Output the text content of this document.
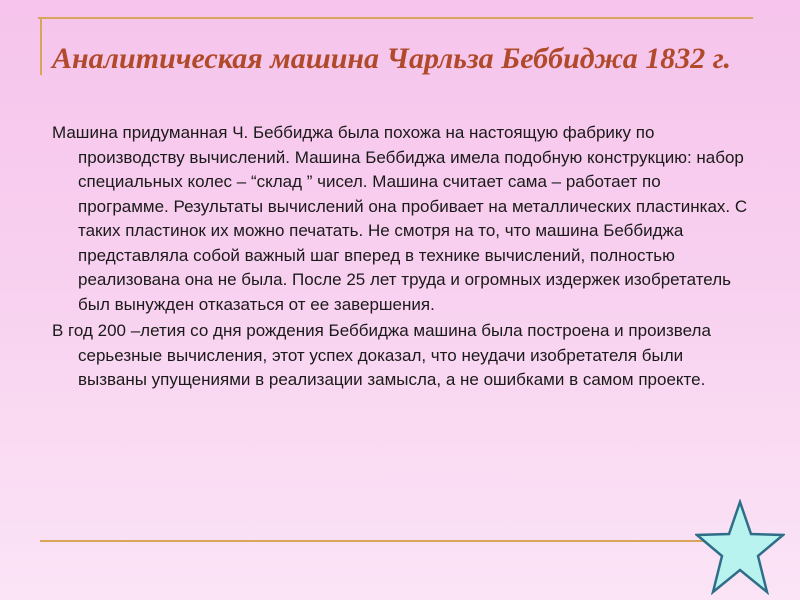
Аналитическая машина Чарльза Беббиджа 1832 г.

Машина придуманная Ч. Беббиджа была похожа на настоящую фабрику по производству вычислений. Машина Беббиджа имела подобную конструкцию: набор специальных колес – “склад ” чисел. Машина считает сама – работает по программе. Результаты вычислений она пробивает на металлических пластинках. С таких пластинок их можно печатать. Не смотря на то, что машина Беббиджа представляла собой важный шаг вперед в технике вычислений, полностью реализована она не была. После 25 лет труда и огромных издержек изобретатель был вынужден отказаться от ее завершения.

В год 200 –летия со дня рождения Беббиджа машина была построена и произвела серьезные вычисления, этот успех доказал, что неудачи изобретателя были вызваны упущениями в реализации замысла, а не ошибками в самом проекте.
